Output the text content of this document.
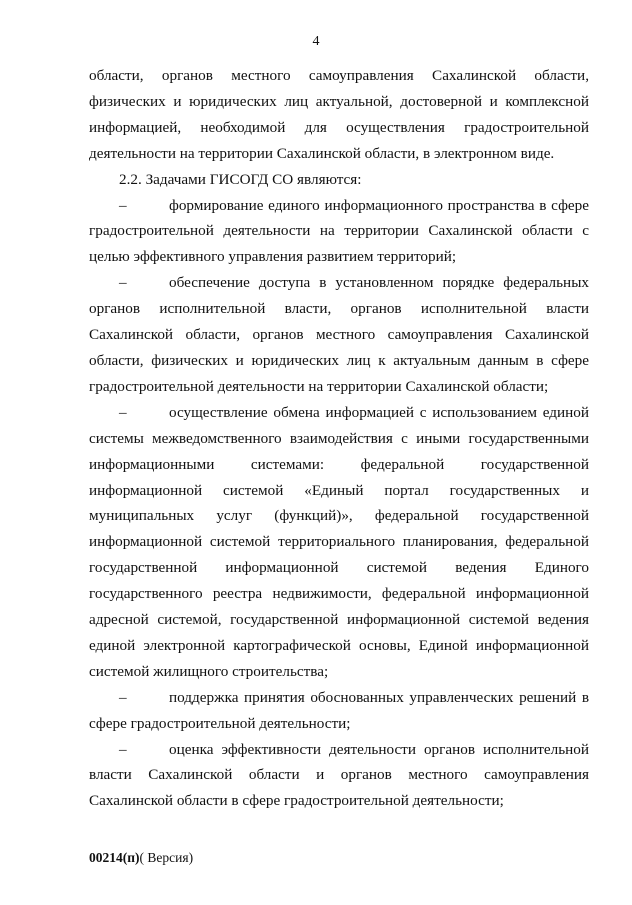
4

области, органов местного самоуправления Сахалинской области, физических и юридических лиц актуальной, достоверной и комплексной информацией, необходимой для осуществления градостроительной деятельности на территории Сахалинской области, в электронном виде.

2.2. Задачами ГИСОГД СО являются:

–	формирование единого информационного пространства в сфере градостроительной деятельности на территории Сахалинской области с целью эффективного управления развитием территорий;

–	обеспечение доступа в установленном порядке федеральных органов исполнительной власти, органов исполнительной власти Сахалинской области, органов местного самоуправления Сахалинской области, физических и юридических лиц к актуальным данным в сфере градостроительной деятельности на территории Сахалинской области;

–	осуществление обмена информацией с использованием единой системы межведомственного взаимодействия с иными государственными информационными системами: федеральной государственной информационной системой «Единый портал государственных и муниципальных услуг (функций)», федеральной государственной информационной системой территориального планирования, федеральной государственной информационной системой ведения Единого государственного реестра недвижимости, федеральной информационной адресной системой, государственной информационной системой ведения единой электронной картографической основы, Единой информационной системой жилищного строительства;

–	поддержка принятия обоснованных управленческих решений в сфере градостроительной деятельности;

–	оценка эффективности деятельности органов исполнительной власти Сахалинской области и органов местного самоуправления Сахалинской области в сфере градостроительной деятельности;

00214(п)( Версия)
